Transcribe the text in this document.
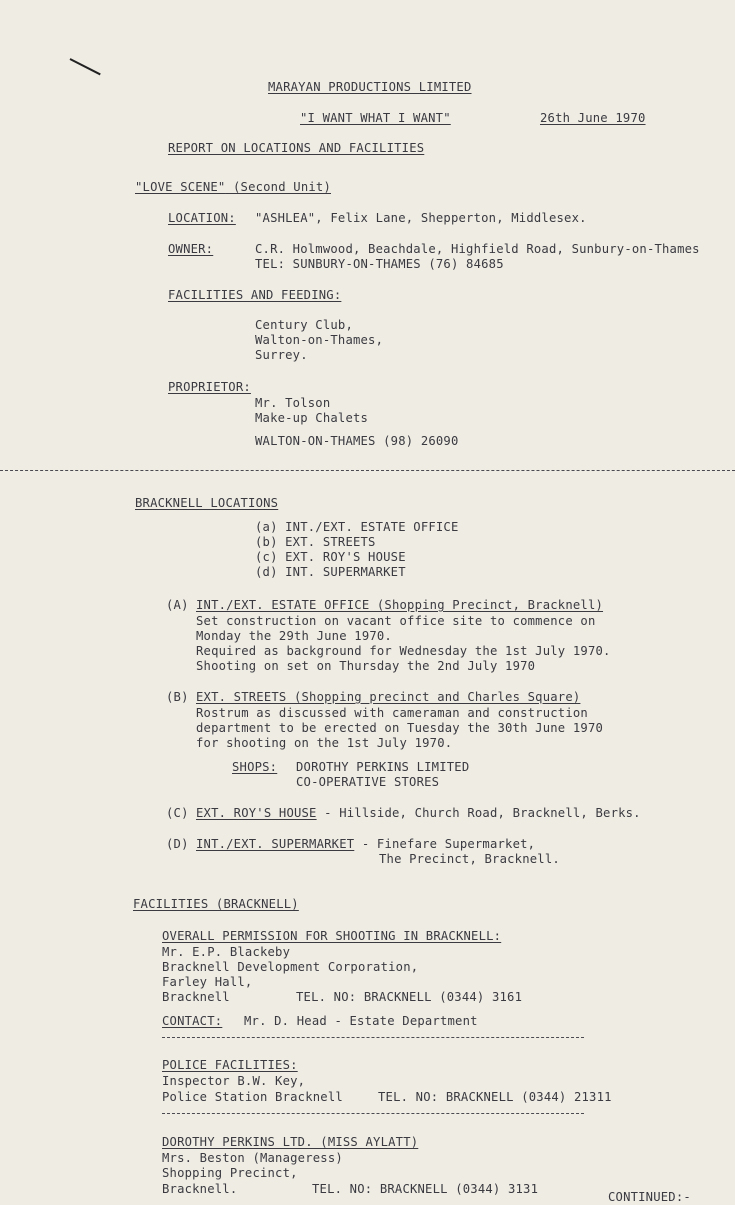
MARAYAN PRODUCTIONS LIMITED
"I WANT WHAT I WANT"	26th June 1970
REPORT ON LOCATIONS AND FACILITIES
"LOVE SCENE" (Second Unit)
LOCATION: "ASHLEA", Felix Lane, Shepperton, Middlesex.
OWNER:	C.R. Holmwood, Beachdale, Highfield Road, Sunbury-on-Thames
TEL: SUNBURY-ON-THAMES (76) 84685
FACILITIES AND FEEDING:
Century Club,
Walton-on-Thames,
Surrey.
PROPRIETOR:
Mr. Tolson
Make-up Chalets
WALTON-ON-THAMES (98) 26090
BRACKNELL LOCATIONS
(a) INT./EXT. ESTATE OFFICE
(b) EXT. STREETS
(c) EXT. ROY'S HOUSE
(d) INT. SUPERMARKET
(A) INT./EXT. ESTATE OFFICE (Shopping Precinct, Bracknell)
Set construction on vacant office site to commence on
Monday the 29th June 1970.
Required as background for Wednesday the 1st July 1970.
Shooting on set on Thursday the 2nd July 1970
(B) EXT. STREETS (Shopping precinct and Charles Square)
Rostrum as discussed with cameraman and construction
department to be erected on Tuesday the 30th June 1970
for shooting on the 1st July 1970.
SHOPS: DOROTHY PERKINS LIMITED
CO-OPERATIVE STORES
(C) EXT. ROY'S HOUSE - Hillside, Church Road, Bracknell, Berks.
(D) INT./EXT. SUPERMARKET - Finefare Supermarket,
The Precinct, Bracknell.
FACILITIES (BRACKNELL)
OVERALL PERMISSION FOR SHOOTING IN BRACKNELL:
Mr. E.P. Blackeby
Bracknell Development Corporation,
Farley Hall,
Bracknell	TEL. NO: BRACKNELL (0344) 3161
CONTACT: Mr. D. Head - Estate Department
POLICE FACILITIES:
Inspector B.W. Key,
Police Station Bracknell	TEL. NO: BRACKNELL (0344) 21311
DOROTHY PERKINS LTD. (MISS AYLATT)
Mrs. Beston (Manageress)
Shopping Precinct,
Bracknell.	TEL. NO: BRACKNELL (0344) 3131
CONTINUED:-
